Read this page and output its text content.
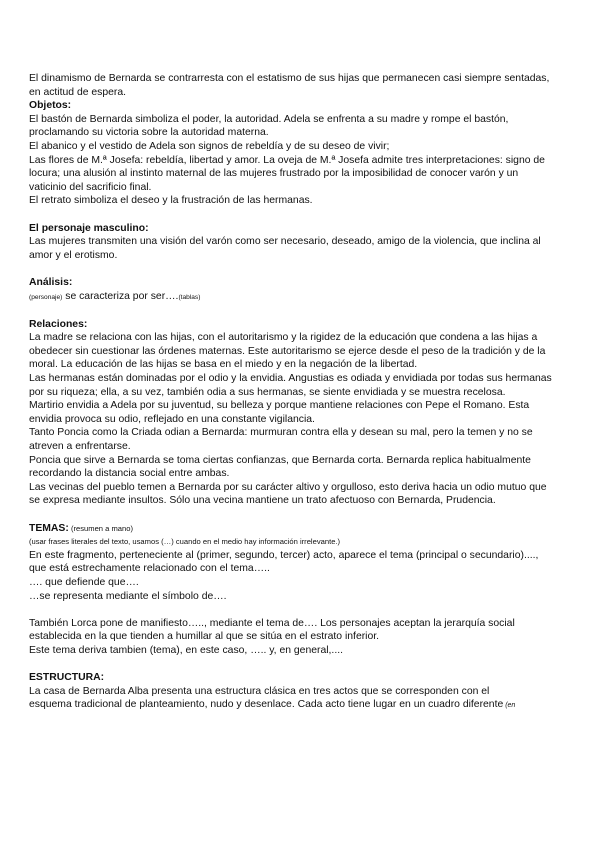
El dinamismo de Bernarda se contrarresta con el estatismo de sus hijas que permanecen casi siempre sentadas, en actitud de espera.

Objetos:

El bastón de Bernarda simboliza el poder, la autoridad. Adela se enfrenta a su madre y rompe el bastón, proclamando su victoria sobre la autoridad materna.

El abanico y el vestido de Adela son signos de rebeldía y de su deseo de vivir;

Las flores de M.ª Josefa: rebeldía, libertad y amor. La oveja de M.ª Josefa admite tres interpretaciones: signo de locura; una alusión al instinto maternal de las mujeres frustrado por la imposibilidad de conocer varón y un vaticinio del sacrificio final.

El retrato simboliza el deseo y la frustración de las hermanas.

El personaje masculino:

Las mujeres transmiten una visión del varón como ser necesario, deseado, amigo de la violencia, que inclina al amor y el erotismo.

Análisis:

(personaje) se caracteriza por ser….(tablas)

Relaciones:

La madre se relaciona con las hijas, con el autoritarismo y la rigidez de la educación que condena a las hijas a obedecer sin cuestionar las órdenes maternas. Este autoritarismo se ejerce desde el peso de la tradición y de la moral. La educación de las hijas se basa en el miedo y en la negación de la libertad.

Las hermanas están dominadas por el odio y la envidia. Angustias es odiada y envidiada por todas sus hermanas por su riqueza; ella, a su vez, también odia a sus hermanas, se siente envidiada y se muestra recelosa.

Martirio envidia a Adela por su juventud, su belleza y porque mantiene relaciones con Pepe el Romano. Esta envidia provoca su odio, reflejado en una constante vigilancia.

Tanto Poncia como la Criada odian a Bernarda: murmuran contra ella y desean su mal, pero la temen y no se atreven a enfrentarse.

Poncia que sirve a Bernarda se toma ciertas confianzas, que Bernarda corta. Bernarda replica habitualmente recordando la distancia social entre ambas.

Las vecinas del pueblo temen a Bernarda por su carácter altivo y orgulloso, esto deriva hacia un odio mutuo que se expresa mediante insultos. Sólo una vecina mantiene un trato afectuoso con Bernarda, Prudencia.

TEMAS: (resumen a mano)

(usar frases literales del texto, usamos (…) cuando en el medio hay información irrelevante.)

En este fragmento, perteneciente al (primer, segundo, tercer) acto, aparece el tema (principal o secundario)...., que está estrechamente relacionado con el tema…..

…. que defiende que….

…se representa mediante el símbolo de….

También Lorca pone de manifiesto….., mediante el tema de…. Los personajes aceptan la jerarquía social establecida en la que tienden a humillar al que se sitúa en el estrato inferior.

Este tema deriva tambien (tema), en este caso, ….. y, en general,....

ESTRUCTURA:

La casa de Bernarda Alba presenta una estructura clásica en tres actos que se corresponden con el

esquema tradicional de planteamiento, nudo y desenlace. Cada acto tiene lugar en un cuadro diferente (en
